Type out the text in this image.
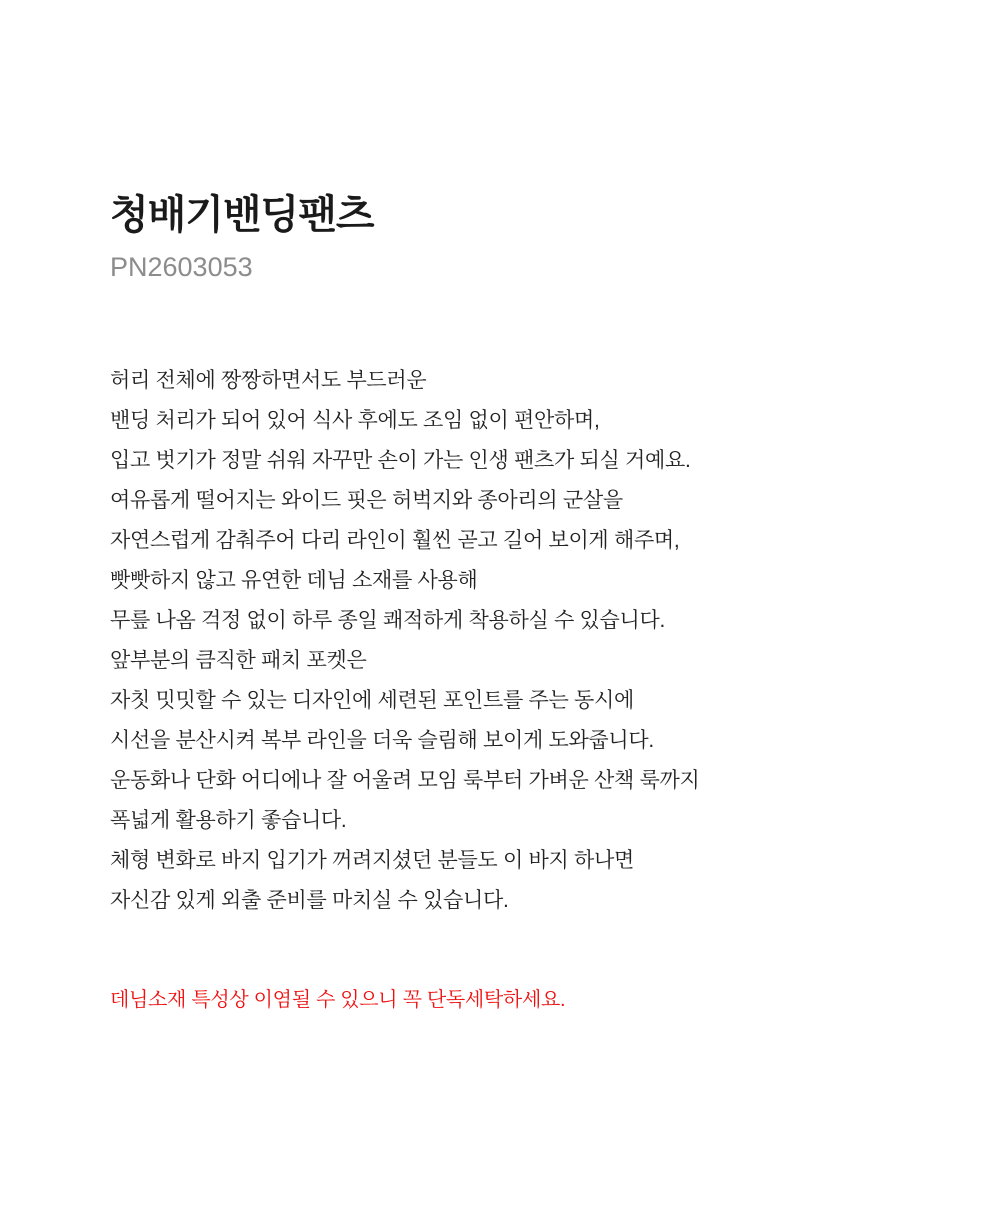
청배기밴딩팬츠
PN2603053
허리 전체에 짱짱하면서도 부드러운
밴딩 처리가 되어 있어 식사 후에도 조임 없이 편안하며,
입고 벗기가 정말 쉬워 자꾸만 손이 가는 인생 팬츠가 되실 거예요.
여유롭게 떨어지는 와이드 핏은 허벅지와 종아리의 군살을
자연스럽게 감춰주어 다리 라인이 훨씬 곧고 길어 보이게 해주며,
빳빳하지 않고 유연한 데님 소재를 사용해
무릎 나옴 걱정 없이 하루 종일 쾌적하게 착용하실 수 있습니다.
앞부분의 큼직한 패치 포켓은
자칫 밋밋할 수 있는 디자인에 세련된 포인트를 주는 동시에
시선을 분산시켜 복부 라인을 더욱 슬림해 보이게 도와줍니다.
운동화나 단화 어디에나 잘 어울려 모임 룩부터 가벼운 산책 룩까지
폭넓게 활용하기 좋습니다.
체형 변화로 바지 입기가 꺼려지셨던 분들도 이 바지 하나면
자신감 있게 외출 준비를 마치실 수 있습니다.
데님소재 특성상 이염될 수 있으니 꼭 단독세탁하세요.
